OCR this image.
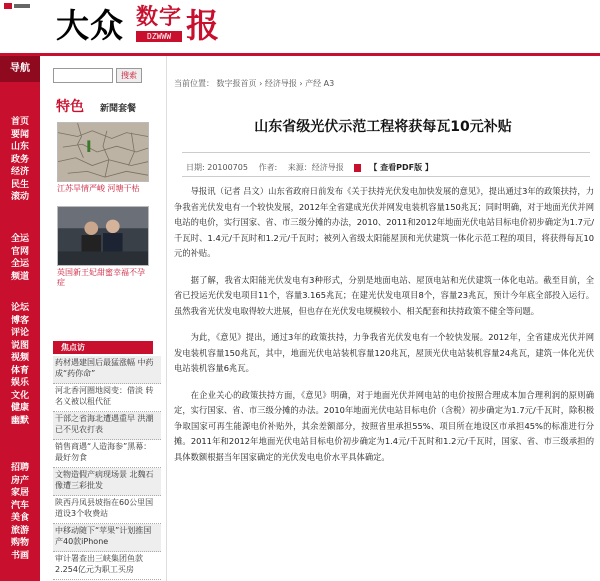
大众 数字
DZWWW 报
导航
首页
要闻
山东
政务
经济
民生
滚动
全运
官网
全运
频道
论坛
博客
评论
说图
视频
体育
娱乐
文化
健康
幽默
招聘
房产
家居
汽车
美食
旅游
购物
书画
搜索
特色 新聞套餐
江苏旱情严峻 河塘干枯
英国新王妃甜蜜幸福不孕症
焦点访
药材遇建国后最猛涨幅 中药成“药你命”
河北香河圈地阅变：借淡 转名义被以租代征
干部之省海北遭遇重早 洪潮已不见农打表
销售商遇“人造海参”黑幕：最好勿食
文物造假产病现场景 北魏石像遭三彩批发
陕西丹凤县坡指在60公里国道设3个收费站
中移动随下“苹果”计划推国产40款iPhone
审计署查出三峡集团鱼款2.254亿元为职工买房
当前位置： 数字报首页 › 经济导报 › 产经 A3
山东省级光伏示范工程将获每瓦10元补贴
日期: 20100705 作者: 来源：经济导报	【 查看PDF版 】

导报讯（记者 吕文）山东省政府日前发布《关于扶持光伏发电加快发展的意见》，提出通过3年的政策扶持，力争我省光伏发电有一个较快发展，2012年全省建成光伏并网发电装机容量150兆瓦；同时明确，对于地面光伏并网电站的电价，实行国家、省、市三级分摊的办法，2010、2011和2012年地面光伏电站目标电价初步确定为1.7元/千瓦时、1.4元/千瓦时和1.2元/千瓦时；被列入省级太阳能屋顶和光伏建筑一体化示范工程的项目，将获得每瓦10元的补贴。

据了解，我省太阳能光伏发电有3种形式，分别是地面电站、屋顶电站和光伏建筑一体化电站。截至目前，全省已投运光伏发电项目11个，容量3.165兆瓦；在建光伏发电项目8个，容量23兆瓦，预计今年底全部投入运行。虽然我省光伏发电取得较大进展，但也存在光伏发电规模较小、相关配套和扶持政策不健全等问题。

为此，《意见》提出，通过3年的政策扶持，力争我省光伏发电有一个较快发展。2012年，全省建成光伏并网发电装机容量150兆瓦，其中，地面光伏电站装机容量120兆瓦，屋顶光伏电站装机容量24兆瓦，建筑一体化光伏电站装机容量6兆瓦。

在企业关心的政策扶持方面，《意见》明确，对于地面光伏并网电站的电价按照合理成本加合理利润的原则确定，实行国家、省、市三级分摊的办法。2010年地面光伏电站目标电价（含税）初步确定为1.7元/千瓦时，除积极争取国家可再生能源电价补贴外，其余差额部分，按照省里承担55%、项目所在地设区市承担45%的标准进行分摊。2011年和2012年地面光伏电站目标电价初步确定为1.4元/千瓦时和1.2元/千瓦时，国家、省、市三级承担的具体数额根据当年国家确定的光伏发电电价水平具体确定。
